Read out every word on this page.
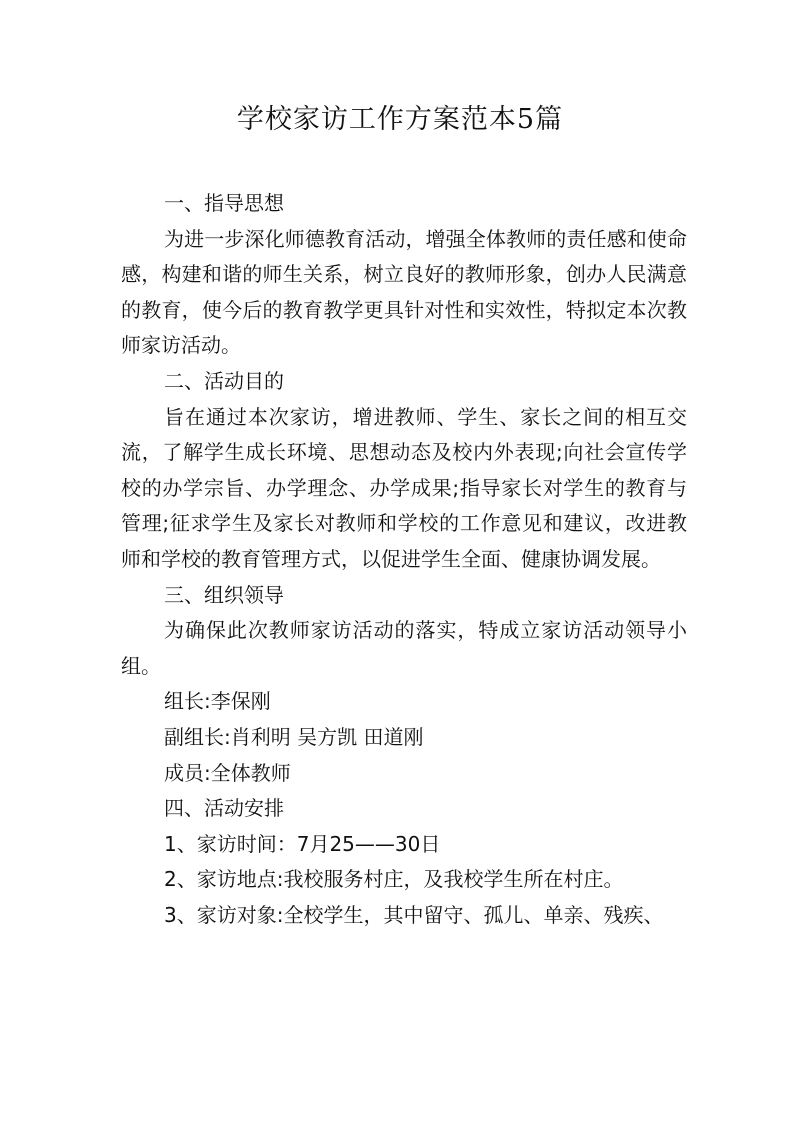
学校家访工作方案范本5篇

一、指导思想

为进一步深化师德教育活动，增强全体教师的责任感和使命感，构建和谐的师生关系，树立良好的教师形象，创办人民满意的教育，使今后的教育教学更具针对性和实效性，特拟定本次教师家访活动。

二、活动目的

旨在通过本次家访，增进教师、学生、家长之间的相互交流，了解学生成长环境、思想动态及校内外表现;向社会宣传学校的办学宗旨、办学理念、办学成果;指导家长对学生的教育与管理;征求学生及家长对教师和学校的工作意见和建议，改进教师和学校的教育管理方式，以促进学生全面、健康协调发展。

三、组织领导

为确保此次教师家访活动的落实，特成立家访活动领导小组。

组长:李保刚

副组长:肖利明 吴方凯 田道刚

成员:全体教师

四、活动安排

1、家访时间：7月25——30日

2、家访地点:我校服务村庄，及我校学生所在村庄。

3、家访对象:全校学生，其中留守、孤儿、单亲、残疾、
